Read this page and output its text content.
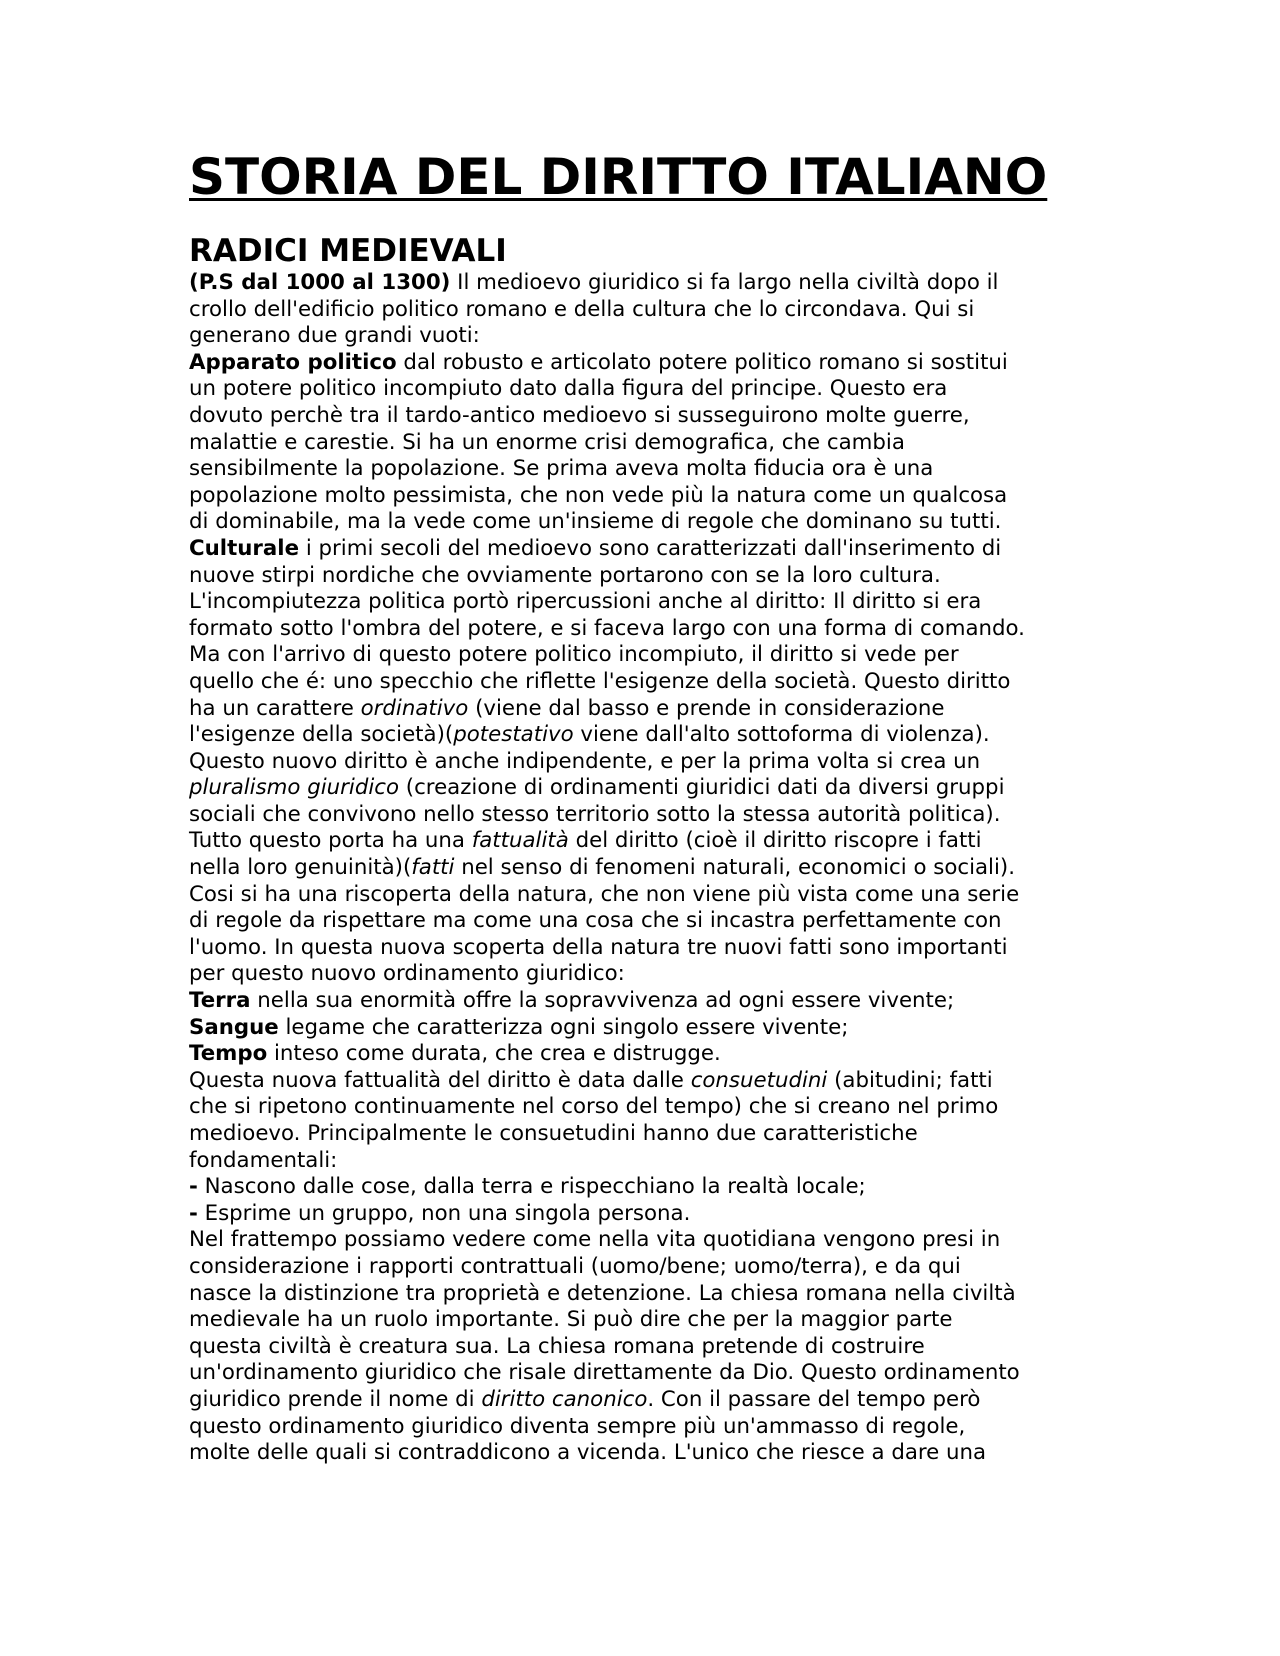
STORIA DEL DIRITTO ITALIANO
RADICI MEDIEVALI
(P.S dal 1000 al 1300) Il medioevo giuridico si fa largo nella civiltà dopo il
crollo dell'edificio politico romano e della cultura che lo circondava. Qui si
generano due grandi vuoti:
Apparato politico dal robusto e articolato potere politico romano si sostitui
un potere politico incompiuto dato dalla figura del principe. Questo era
dovuto perchè tra il tardo-antico medioevo si susseguirono molte guerre,
malattie e carestie. Si ha un enorme crisi demografica, che cambia
sensibilmente la popolazione. Se prima aveva molta fiducia ora è una
popolazione molto pessimista, che non vede più la natura come un qualcosa
di dominabile, ma la vede come un'insieme di regole che dominano su tutti.
Culturale i primi secoli del medioevo sono caratterizzati dall'inserimento di
nuove stirpi nordiche che ovviamente portarono con se la loro cultura.
L'incompiutezza politica portò ripercussioni anche al diritto: Il diritto si era
formato sotto l'ombra del potere, e si faceva largo con una forma di comando.
Ma con l'arrivo di questo potere politico incompiuto, il diritto si vede per
quello che é: uno specchio che riflette l'esigenze della società. Questo diritto
ha un carattere ordinativo (viene dal basso e prende in considerazione
l'esigenze della società)(potestativo viene dall'alto sottoforma di violenza).
Questo nuovo diritto è anche indipendente, e per la prima volta si crea un
pluralismo giuridico (creazione di ordinamenti giuridici dati da diversi gruppi
sociali che convivono nello stesso territorio sotto la stessa autorità politica).
Tutto questo porta ha una fattualità del diritto (cioè il diritto riscopre i fatti
nella loro genuinità)(fatti nel senso di fenomeni naturali, economici o sociali).
Cosi si ha una riscoperta della natura, che non viene più vista come una serie
di regole da rispettare ma come una cosa che si incastra perfettamente con
l'uomo. In questa nuova scoperta della natura tre nuovi fatti sono importanti
per questo nuovo ordinamento giuridico:
Terra nella sua enormità offre la sopravvivenza ad ogni essere vivente;
Sangue legame che caratterizza ogni singolo essere vivente;
Tempo inteso come durata, che crea e distrugge.
Questa nuova fattualità del diritto è data dalle consuetudini (abitudini; fatti
che si ripetono continuamente nel corso del tempo) che si creano nel primo
medioevo. Principalmente le consuetudini hanno due caratteristiche
fondamentali:
- Nascono dalle cose, dalla terra e rispecchiano la realtà locale;
- Esprime un gruppo, non una singola persona.
Nel frattempo possiamo vedere come nella vita quotidiana vengono presi in
considerazione i rapporti contrattuali (uomo/bene; uomo/terra), e da qui
nasce la distinzione tra proprietà e detenzione. La chiesa romana nella civiltà
medievale ha un ruolo importante. Si può dire che per la maggior parte
questa civiltà è creatura sua. La chiesa romana pretende di costruire
un'ordinamento giuridico che risale direttamente da Dio. Questo ordinamento
giuridico prende il nome di diritto canonico. Con il passare del tempo però
questo ordinamento giuridico diventa sempre più un'ammasso di regole,
molte delle quali si contraddicono a vicenda. L'unico che riesce a dare una
